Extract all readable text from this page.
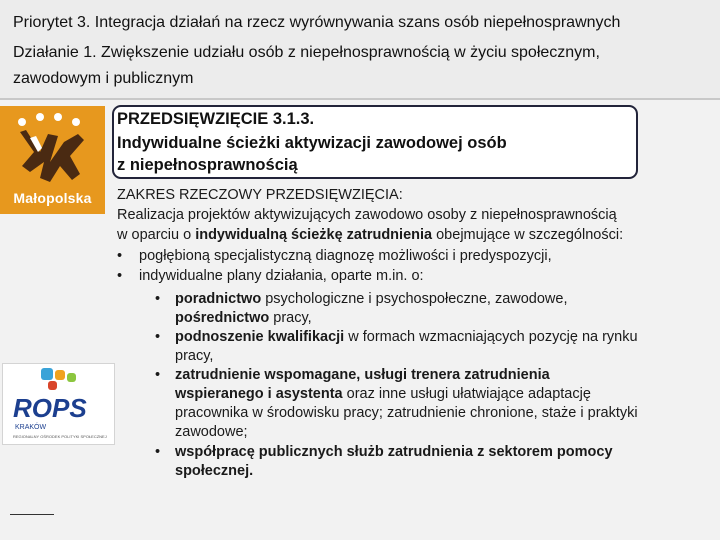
Priorytet 3. Integracja działań na rzecz wyrównywania szans osób niepełnosprawnych
Działanie 1. Zwiększenie udziału osób z niepełnosprawnością w życiu społecznym,
zawodowym i publicznym
Małopolska
PRZEDSIĘWZIĘCIE 3.1.3.
Indywidualne ścieżki aktywizacji zawodowej osób
z niepełnosprawnością
ROPS
KRAKÓW
REGIONALNY OŚRODEK POLITYKI SPOŁECZNEJ
ZAKRES RZECZOWY PRZEDSIĘWZIĘCIA:
Realizacja projektów aktywizujących zawodowo osoby z niepełnosprawnością
w oparciu o indywidualną ścieżkę zatrudnienia obejmujące w szczególności:
• pogłębioną specjalistyczną diagnozę możliwości i predyspozycji,
• indywidualne plany działania, oparte m.in. o:
• poradnictwo psychologiczne i psychospołeczne, zawodowe,
pośrednictwo pracy,
• podnoszenie kwalifikacji w formach wzmacniających pozycję na rynku
pracy,
• zatrudnienie wspomagane, usługi trenera zatrudnienia
wspieranego i asystenta oraz inne usługi ułatwiające adaptację
pracownika w środowisku pracy; zatrudnienie chronione, staże i praktyki
zawodowe;
• współpracę publicznych służb zatrudnienia z sektorem pomocy
społecznej.
